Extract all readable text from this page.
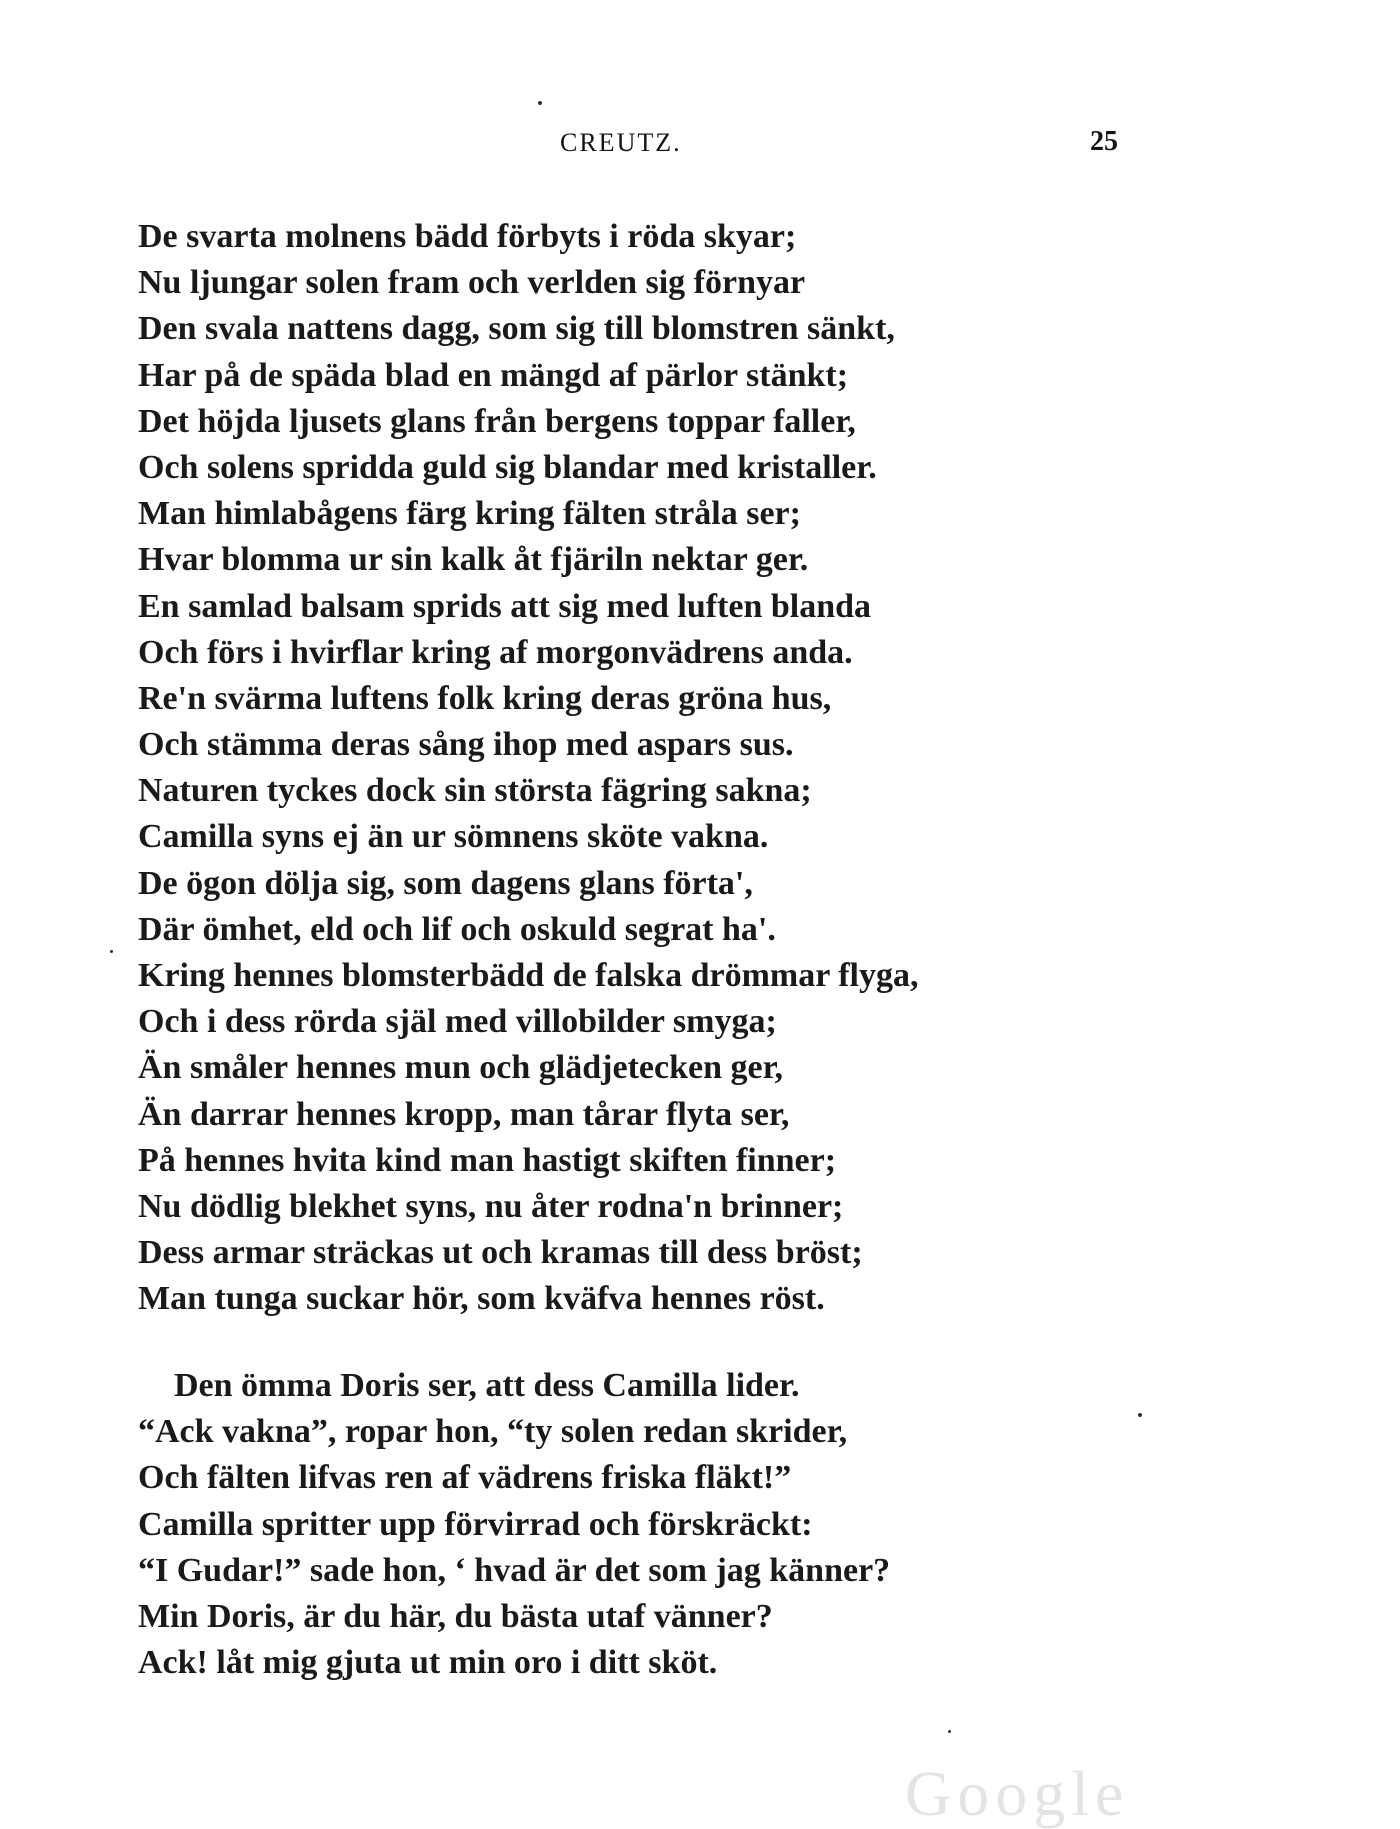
CREUTZ.	25
De svarta molnens bädd förbyts i röda skyar;
Nu ljungar solen fram och verlden sig förnyar
Den svala nattens dagg, som sig till blomstren sänkt,
Har på de späda blad en mängd af pärlor stänkt;
Det höjda ljusets glans från bergens toppar faller,
Och solens spridda guld sig blandar med kristaller.
Man himlabågens färg kring fälten stråla ser;
Hvar blomma ur sin kalk åt fjäriln nektar ger.
En samlad balsam sprids att sig med luften blanda
Och förs i hvirflar kring af morgonvädrens anda.
Re'n svärma luftens folk kring deras gröna hus,
Och stämma deras sång ihop med aspars sus.
Naturen tyckes dock sin största fägring sakna;
Camilla syns ej än ur sömnens sköte vakna.
De ögon dölja sig, som dagens glans förta',
Där ömhet, eld och lif och oskuld segrat ha'.
Kring hennes blomsterbädd de falska drömmar flyga,
Och i dess rörda själ med villobilder smyga;
Än småler hennes mun och glädjetecken ger,
Än darrar hennes kropp, man tårar flyta ser,
På hennes hvita kind man hastigt skiften finner;
Nu dödlig blekhet syns, nu åter rodna'n brinner;
Dess armar sträckas ut och kramas till dess bröst;
Man tunga suckar hör, som kväfva hennes röst.
Den ömma Doris ser, att dess Camilla lider.
“Ack vakna”, ropar hon, “ty solen redan skrider,
Och fälten lifvas ren af vädrens friska fläkt!”
Camilla spritter upp förvirrad och förskräckt:
“I Gudar!” sade hon, ‘ hvad är det som jag känner?
Min Doris, är du här, du bästa utaf vänner?
Ack! låt mig gjuta ut min oro i ditt sköt.
Google
